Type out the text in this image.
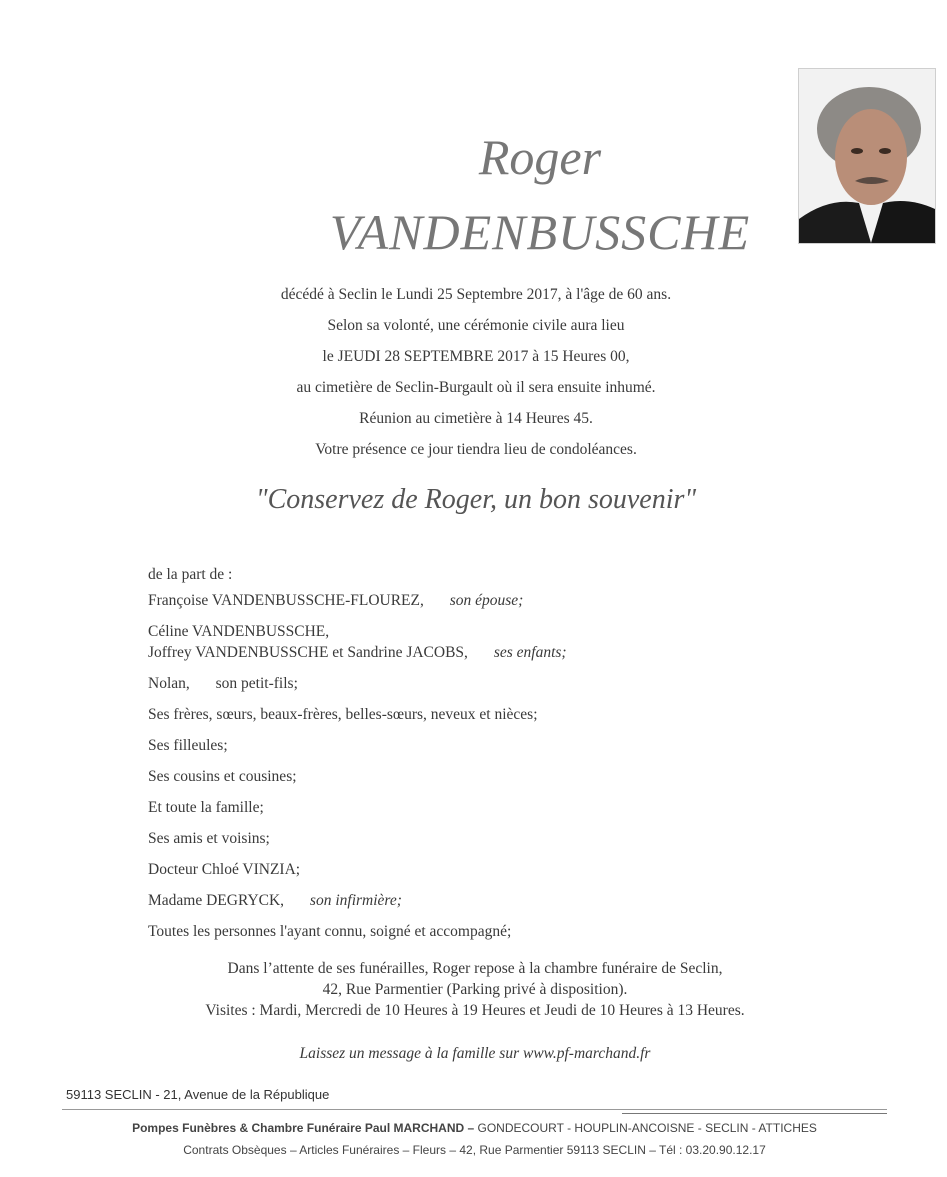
Roger
VANDENBUSSCHE
décédé à Seclin le Lundi 25 Septembre 2017, à l'âge de 60 ans.
Selon sa volonté, une cérémonie civile aura lieu
le JEUDI 28 SEPTEMBRE 2017 à 15 Heures 00,
au cimetière de Seclin-Burgault où il sera ensuite inhumé.
Réunion au cimetière à 14 Heures 45.
Votre présence ce jour tiendra lieu de condoléances.
"Conservez de Roger, un bon souvenir"
de la part de :
Françoise VANDENBUSSCHE-FLOUREZ, son épouse;
Céline VANDENBUSSCHE,
Joffrey VANDENBUSSCHE et Sandrine JACOBS, ses enfants;
Nolan, son petit-fils;
Ses frères, sœurs, beaux-frères, belles-sœurs, neveux et nièces;
Ses filleules;
Ses cousins et cousines;
Et toute la famille;
Ses amis et voisins;
Docteur Chloé VINZIA;
Madame DEGRYCK, son infirmière;
Toutes les personnes l'ayant connu, soigné et accompagné;
Dans l’attente de ses funérailles, Roger repose à la chambre funéraire de Seclin,
42, Rue Parmentier (Parking privé à disposition).
Visites : Mardi, Mercredi de 10 Heures à 19 Heures et Jeudi de 10 Heures à 13 Heures.
Laissez un message à la famille sur www.pf-marchand.fr
59113 SECLIN - 21, Avenue de la République
Pompes Funèbres & Chambre Funéraire Paul MARCHAND – GONDECOURT - HOUPLIN-ANCOISNE - SECLIN - ATTICHES
Contrats Obsèques – Articles Funéraires – Fleurs – 42, Rue Parmentier 59113 SECLIN – Tél : 03.20.90.12.17
